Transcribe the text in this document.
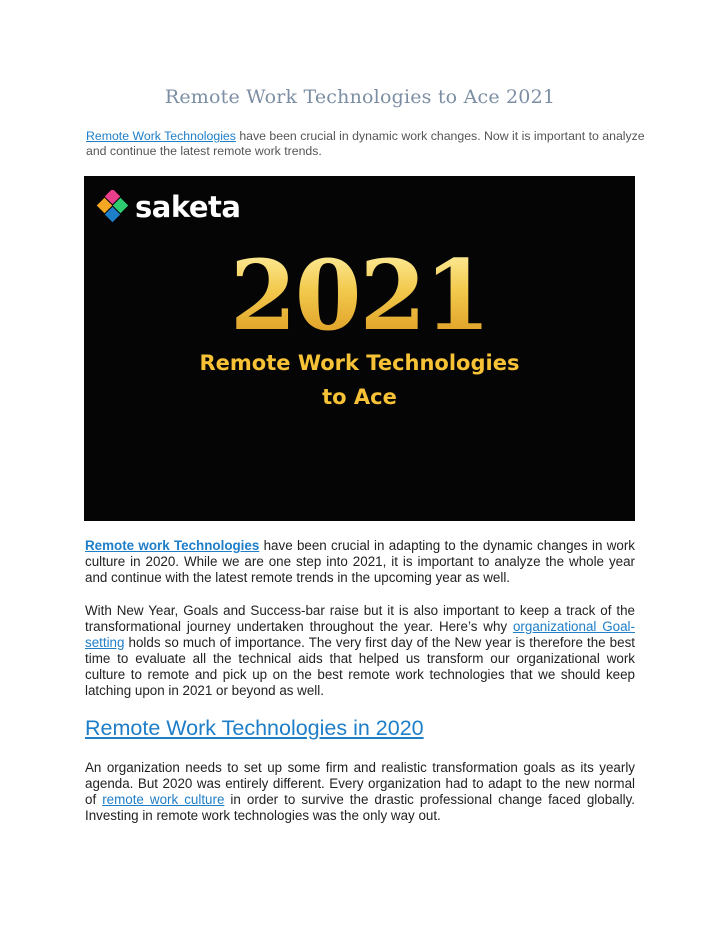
Remote Work Technologies to Ace 2021
Remote Work Technologies have been crucial in dynamic work changes. Now it is important to analyze and continue the latest remote work trends.
saketa
2021
Remote Work Technologies
to Ace
Remote work Technologies have been crucial in adapting to the dynamic changes in work culture in 2020. While we are one step into 2021, it is important to analyze the whole year and continue with the latest remote trends in the upcoming year as well.
With New Year, Goals and Success-bar raise but it is also important to keep a track of the transformational journey undertaken throughout the year. Here’s why organizational Goal-setting holds so much of importance. The very first day of the New year is therefore the best time to evaluate all the technical aids that helped us transform our organizational work culture to remote and pick up on the best remote work technologies that we should keep latching upon in 2021 or beyond as well.
Remote Work Technologies in 2020
An organization needs to set up some firm and realistic transformation goals as its yearly agenda. But 2020 was entirely different. Every organization had to adapt to the new normal of remote work culture in order to survive the drastic professional change faced globally. Investing in remote work technologies was the only way out.
